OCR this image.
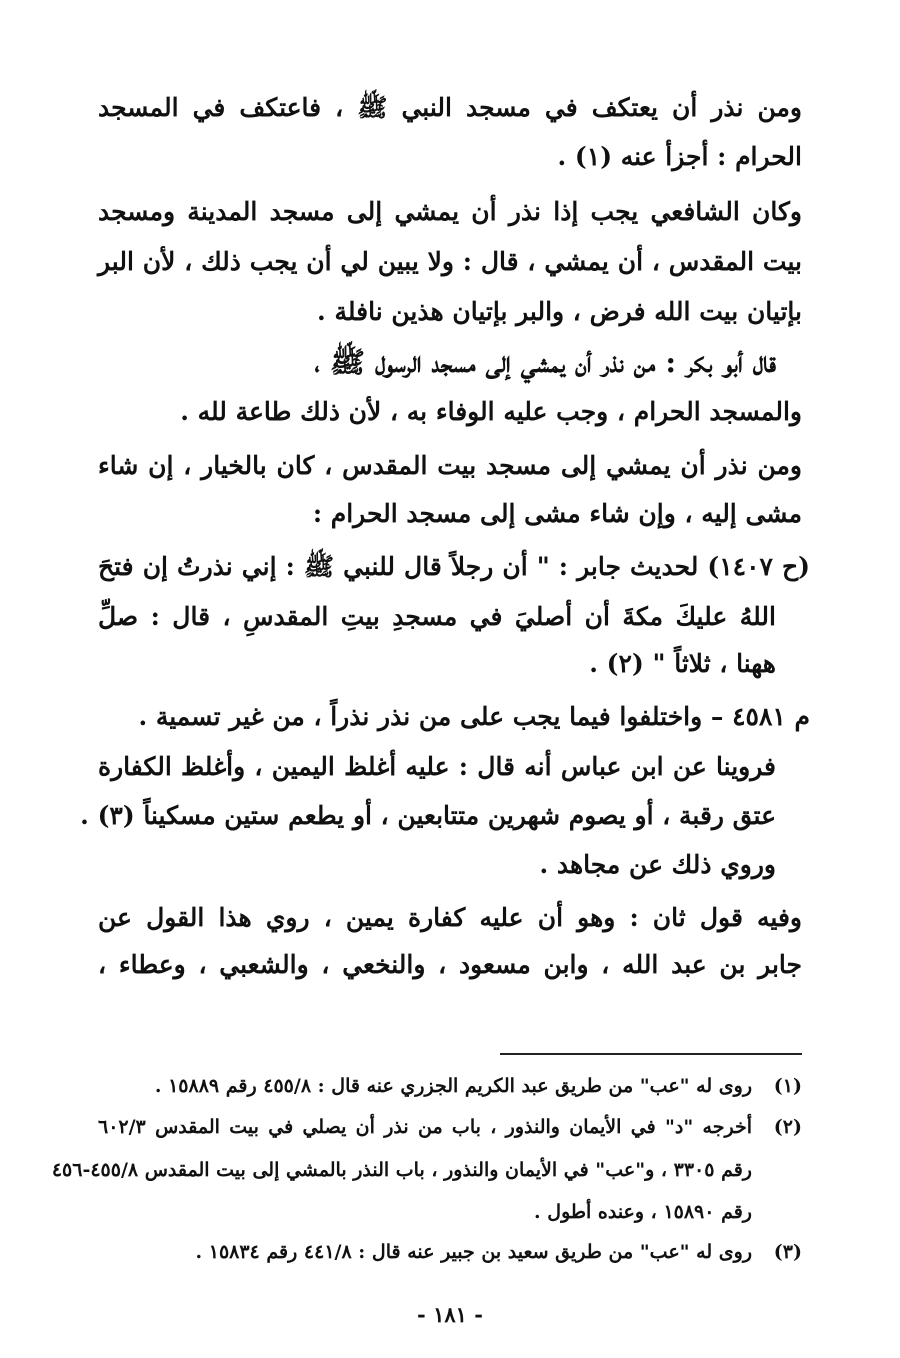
ومن نذر أن يعتكف في مسجد النبي ﷺ ، فاعتكف في المسجد
الحرام : أجزأ عنه (١) .
وكان الشافعي يجب إذا نذر أن يمشي إلى مسجد المدينة ومسجد
بيت المقدس ، أن يمشي ، قال : ولا يبين لي أن يجب ذلك ، لأن البر
بإتيان بيت الله فرض ، والبر بإتيان هذين نافلة .
قال أبو بكر : من نذر أن يمشي إلى مسجد الرسول ﷺ ،
والمسجد الحرام ، وجب عليه الوفاء به ، لأن ذلك طاعة لله .
ومن نذر أن يمشي إلى مسجد بيت المقدس ، كان بالخيار ، إن شاء
مشى إليه ، وإن شاء مشى إلى مسجد الحرام :
(ح ١٤٠٧) لحديث جابر : " أن رجلاً قال للنبي ﷺ : إني نذرتُ إن فتحَ
اللهُ عليكَ مكةَ أن أصليَ في مسجدِ بيتِ المقدسِ ، قال : صلِّ
ههنا ، ثلاثاً " (٢) .
م ٤٥٨١ – واختلفوا فيما يجب على من نذر نذراً ، من غير تسمية .
فروينا عن ابن عباس أنه قال : عليه أغلظ اليمين ، وأغلظ الكفارة
عتق رقبة ، أو يصوم شهرين متتابعين ، أو يطعم ستين مسكيناً (٣) .
وروي ذلك عن مجاهد .
وفيه قول ثان : وهو أن عليه كفارة يمين ، روي هذا القول عن
جابر بن عبد الله ، وابن مسعود ، والنخعي ، والشعبي ، وعطاء ،
(١)
روى له "عب" من طريق عبد الكريم الجزري عنه قال : ٤٥٥/٨ رقم ١٥٨٨٩ .
(٢)
أخرجه "د" في الأيمان والنذور ، باب من نذر أن يصلي في بيت المقدس ٦٠٢/٣
رقم ٣٣٠٥ ، و"عب" في الأيمان والنذور ، باب النذر بالمشي إلى بيت المقدس ٤٥٥/٨-٤٥٦
رقم ١٥٨٩٠ ، وعنده أطول .
(٣)
روى له "عب" من طريق سعيد بن جبير عنه قال : ٤٤١/٨ رقم ١٥٨٣٤ .
- ١٨١ -
